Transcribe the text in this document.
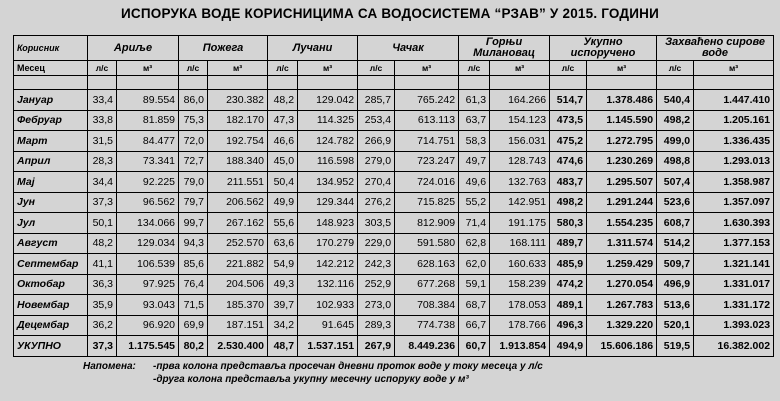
ИСПОРУКА ВОДЕ КОРИСНИЦИМА СА ВОДОСИСТЕМА “РЗАВ” У 2015. ГОДИНИ
Корисник	Ариље		Пожега		Лучани		Чачак		Горњи Милановац		Укупно испоручено		Захваћено сирове воде	
Месец	л/с	м³	л/с	м³	л/с	м³	л/с	м³	л/с	м³	л/с	м³	л/с	м³

Јануар	33,4	89.554	86,0	230.382	48,2	129.042	285,7	765.242	61,3	164.266	514,7	1.378.486	540,4	1.447.410
Фебруар	33,8	81.859	75,3	182.170	47,3	114.325	253,4	613.113	63,7	154.123	473,5	1.145.590	498,2	1.205.161
Март	31,5	84.477	72,0	192.754	46,6	124.782	266,9	714.751	58,3	156.031	475,2	1.272.795	499,0	1.336.435
Април	28,3	73.341	72,7	188.340	45,0	116.598	279,0	723.247	49,7	128.743	474,6	1.230.269	498,8	1.293.013
Мај	34,4	92.225	79,0	211.551	50,4	134.952	270,4	724.016	49,6	132.763	483,7	1.295.507	507,4	1.358.987
Јун	37,3	96.562	79,7	206.562	49,9	129.344	276,2	715.825	55,2	142.951	498,2	1.291.244	523,6	1.357.097
Јул	50,1	134.066	99,7	267.162	55,6	148.923	303,5	812.909	71,4	191.175	580,3	1.554.235	608,7	1.630.393
Август	48,2	129.034	94,3	252.570	63,6	170.279	229,0	591.580	62,8	168.111	489,7	1.311.574	514,2	1.377.153
Септембар	41,1	106.539	85,6	221.882	54,9	142.212	242,3	628.163	62,0	160.633	485,9	1.259.429	509,7	1.321.141
Октобар	36,3	97.925	76,4	204.506	49,3	132.116	252,9	677.268	59,1	158.239	474,2	1.270.054	496,9	1.331.017
Новембар	35,9	93.043	71,5	185.370	39,7	102.933	273,0	708.384	68,7	178.053	489,1	1.267.783	513,6	1.331.172
Децембар	36,2	96.920	69,9	187.151	34,2	91.645	289,3	774.738	66,7	178.766	496,3	1.329.220	520,1	1.393.023
УКУПНО	37,3	1.175.545	80,2	2.530.400	48,7	1.537.151	267,9	8.449.236	60,7	1.913.854	494,9	15.606.186	519,5	16.382.002
Напомена: -прва колона представља просечан дневни проток воде у току месеца у л/с
-друга колона представља укупну месечну испоруку воде у м³
